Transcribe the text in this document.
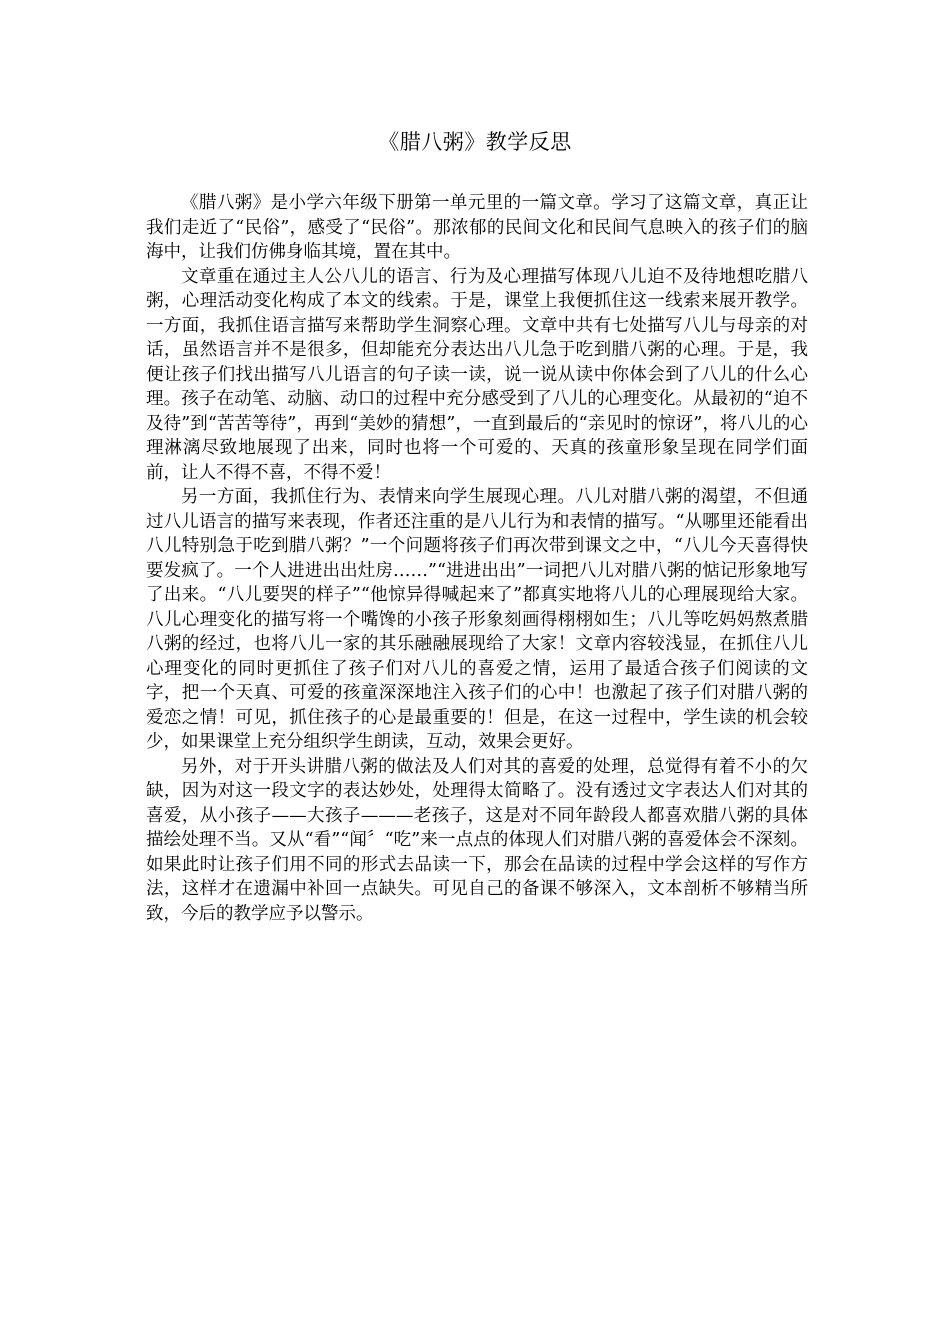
《腊八粥》教学反思

《腊八粥》是小学六年级下册第一单元里的一篇文章。学习了这篇文章，真正让我们走近了“民俗”，感受了“民俗”。那浓郁的民间文化和民间气息映入的孩子们的脑海中，让我们仿佛身临其境，置在其中。

文章重在通过主人公八儿的语言、行为及心理描写体现八儿迫不及待地想吃腊八粥，心理活动变化构成了本文的线索。于是，课堂上我便抓住这一线索来展开教学。一方面，我抓住语言描写来帮助学生洞察心理。文章中共有七处描写八儿与母亲的对话，虽然语言并不是很多，但却能充分表达出八儿急于吃到腊八粥的心理。于是，我便让孩子们找出描写八儿语言的句子读一读，说一说从读中你体会到了八儿的什么心理。孩子在动笔、动脑、动口的过程中充分感受到了八儿的心理变化。从最初的“迫不及待”到“苦苦等待”，再到“美妙的猜想”，一直到最后的“亲见时的惊讶”，将八儿的心理淋漓尽致地展现了出来，同时也将一个可爱的、天真的孩童形象呈现在同学们面前，让人不得不喜，不得不爱！

另一方面，我抓住行为、表情来向学生展现心理。八儿对腊八粥的渴望，不但通过八儿语言的描写来表现，作者还注重的是八儿行为和表情的描写。“从哪里还能看出八儿特别急于吃到腊八粥？”一个问题将孩子们再次带到课文之中，“八儿今天喜得快要发疯了。一个人进进出出灶房……”“进进出出”一词把八儿对腊八粥的惦记形象地写了出来。“八儿要哭的样子”“他惊异得喊起来了”都真实地将八儿的心理展现给大家。八儿心理变化的描写将一个嘴馋的小孩子形象刻画得栩栩如生；八儿等吃妈妈熬煮腊八粥的经过，也将八儿一家的其乐融融展现给了大家！文章内容较浅显，在抓住八儿心理变化的同时更抓住了孩子们对八儿的喜爱之情，运用了最适合孩子们阅读的文字，把一个天真、可爱的孩童深深地注入孩子们的心中！也激起了孩子们对腊八粥的爱恋之情！可见，抓住孩子的心是最重要的！但是，在这一过程中，学生读的机会较少，如果课堂上充分组织学生朗读，互动，效果会更好。

另外，对于开头讲腊八粥的做法及人们对其的喜爱的处理，总觉得有着不小的欠缺，因为对这一段文字的表达妙处，处理得太简略了。没有透过文字表达人们对其的喜爱，从小孩子——大孩子———老孩子，这是对不同年龄段人都喜欢腊八粥的具体描绘处理不当。又从“看”“闻〞“吃”来一点点的体现人们对腊八粥的喜爱体会不深刻。如果此时让孩子们用不同的形式去品读一下，那会在品读的过程中学会这样的写作方法，这样才在遗漏中补回一点缺失。可见自己的备课不够深入，文本剖析不够精当所致，今后的教学应予以警示。
